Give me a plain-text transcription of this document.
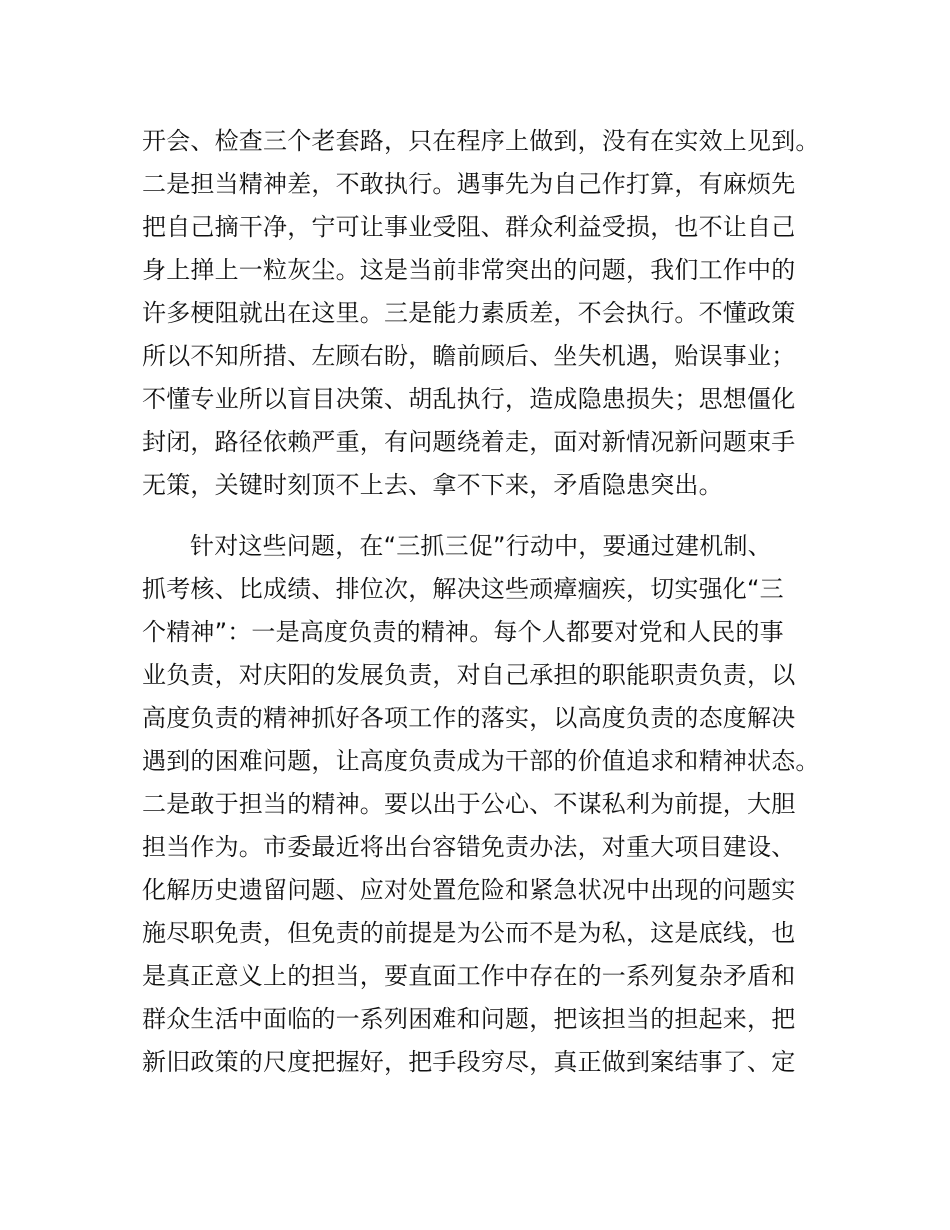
开会、检查三个老套路，只在程序上做到，没有在实效上见到。
二是担当精神差，不敢执行。遇事先为自己作打算，有麻烦先
把自己摘干净，宁可让事业受阻、群众利益受损，也不让自己
身上掸上一粒灰尘。这是当前非常突出的问题，我们工作中的
许多梗阻就出在这里。三是能力素质差，不会执行。不懂政策
所以不知所措、左顾右盼，瞻前顾后、坐失机遇，贻误事业；
不懂专业所以盲目决策、胡乱执行，造成隐患损失；思想僵化
封闭，路径依赖严重，有问题绕着走，面对新情况新问题束手
无策，关键时刻顶不上去、拿不下来，矛盾隐患突出。
针对这些问题，在“三抓三促”行动中，要通过建机制、
抓考核、比成绩、排位次，解决这些顽瘴痼疾，切实强化“三
个精神”：一是高度负责的精神。每个人都要对党和人民的事
业负责，对庆阳的发展负责，对自己承担的职能职责负责，以
高度负责的精神抓好各项工作的落实，以高度负责的态度解决
遇到的困难问题，让高度负责成为干部的价值追求和精神状态。
二是敢于担当的精神。要以出于公心、不谋私利为前提，大胆
担当作为。市委最近将出台容错免责办法，对重大项目建设、
化解历史遗留问题、应对处置危险和紧急状况中出现的问题实
施尽职免责，但免责的前提是为公而不是为私，这是底线，也
是真正意义上的担当，要直面工作中存在的一系列复杂矛盾和
群众生活中面临的一系列困难和问题，把该担当的担起来，把
新旧政策的尺度把握好，把手段穷尽，真正做到案结事了、定
